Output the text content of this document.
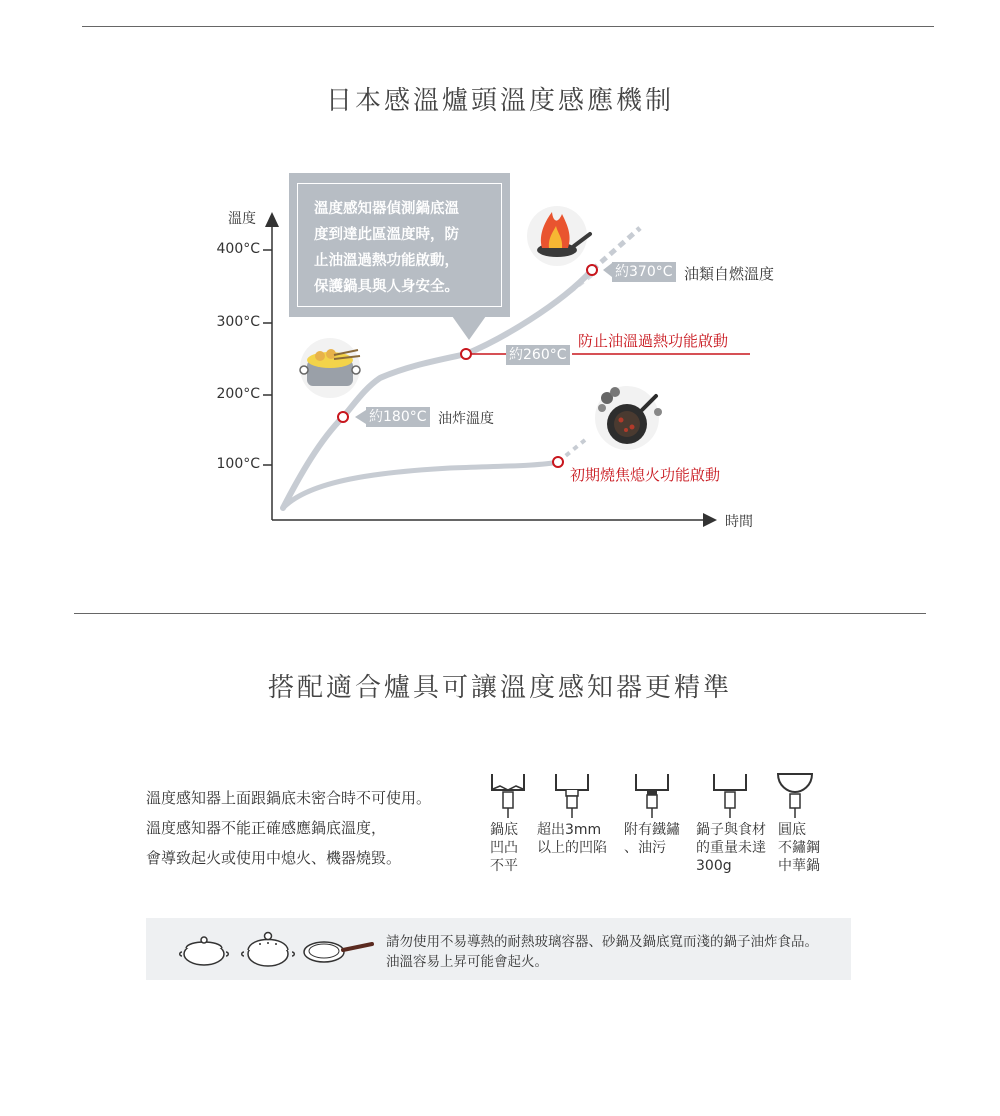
日本感溫爐頭溫度感應機制
溫度
時間
400°C
300°C
200°C
100°C

溫度感知器偵測鍋底溫

度到達此區溫度時，防

止油溫過熱功能啟動，

保護鍋具與人身安全。

約180°C 油炸溫度
約260°C
防止油溫過熱功能啟動
約370°C 油類自燃溫度
初期燒焦熄火功能啟動
搭配適合爐具可讓溫度感知器更精準

溫度感知器上面跟鍋底未密合時不可使用。

溫度感知器不能正確感應鍋底溫度，

會導致起火或使用中熄火、機器燒毀。

鍋底

凹凸

不平

超出3mm

以上的凹陷

附有鐵鏽

、油污

鍋子與食材

的重量未達

300g

圓底

不鏽鋼

中華鍋

請勿使用不易導熱的耐熱玻璃容器、砂鍋及鍋底寬而淺的鍋子油炸食品。

油溫容易上昇可能會起火。
